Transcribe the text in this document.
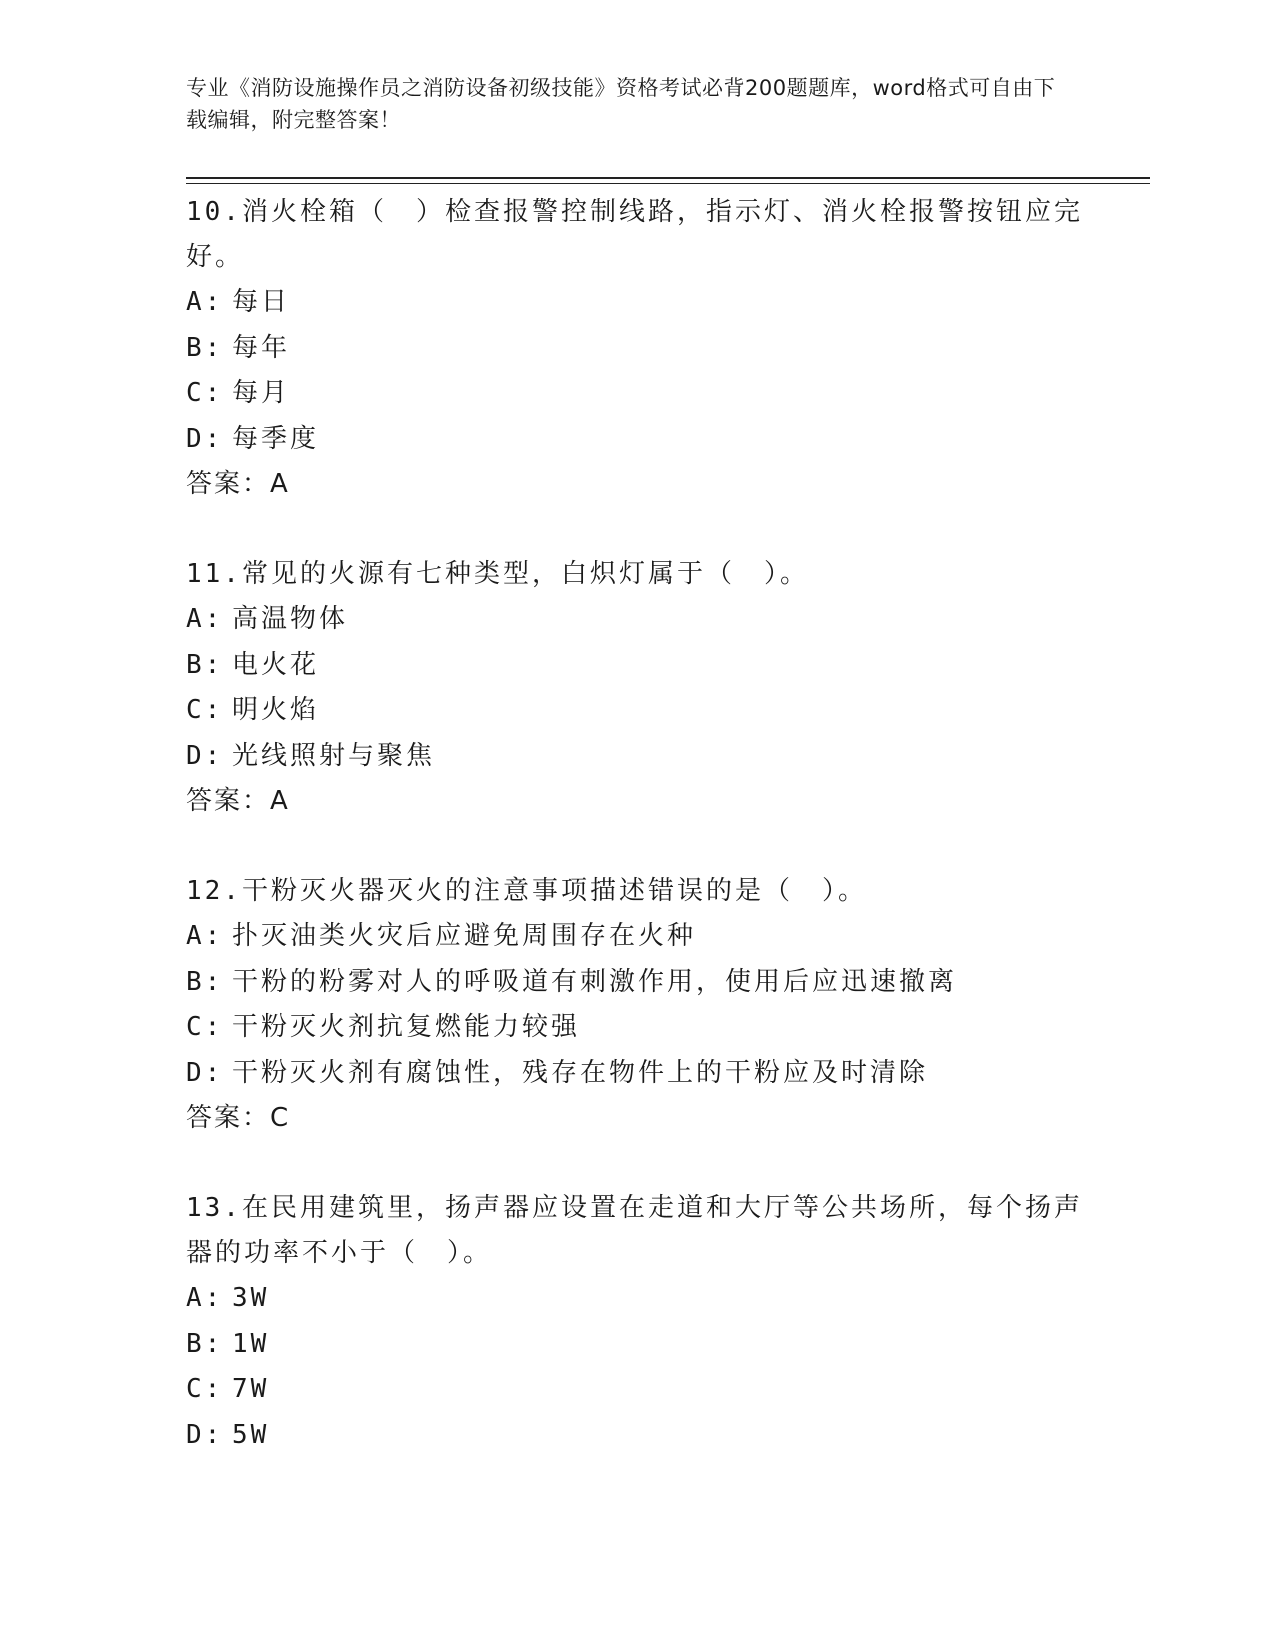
专业《消防设施操作员之消防设备初级技能》资格考试必背200题题库，word格式可自由下载编辑，附完整答案！

10.消火栓箱（　）检查报警控制线路，指示灯、消火栓报警按钮应完好。

A: 每日

B: 每年

C: 每月

D: 每季度

答案：A

11.常见的火源有七种类型，白炽灯属于（　）。

A: 高温物体

B: 电火花

C: 明火焰

D: 光线照射与聚焦

答案：A

12.干粉灭火器灭火的注意事项描述错误的是（　）。

A: 扑灭油类火灾后应避免周围存在火种

B: 干粉的粉雾对人的呼吸道有刺激作用，使用后应迅速撤离

C: 干粉灭火剂抗复燃能力较强

D: 干粉灭火剂有腐蚀性，残存在物件上的干粉应及时清除

答案：C

13.在民用建筑里，扬声器应设置在走道和大厅等公共场所，每个扬声器的功率不小于（　）。

A: 3W

B: 1W

C: 7W

D: 5W
